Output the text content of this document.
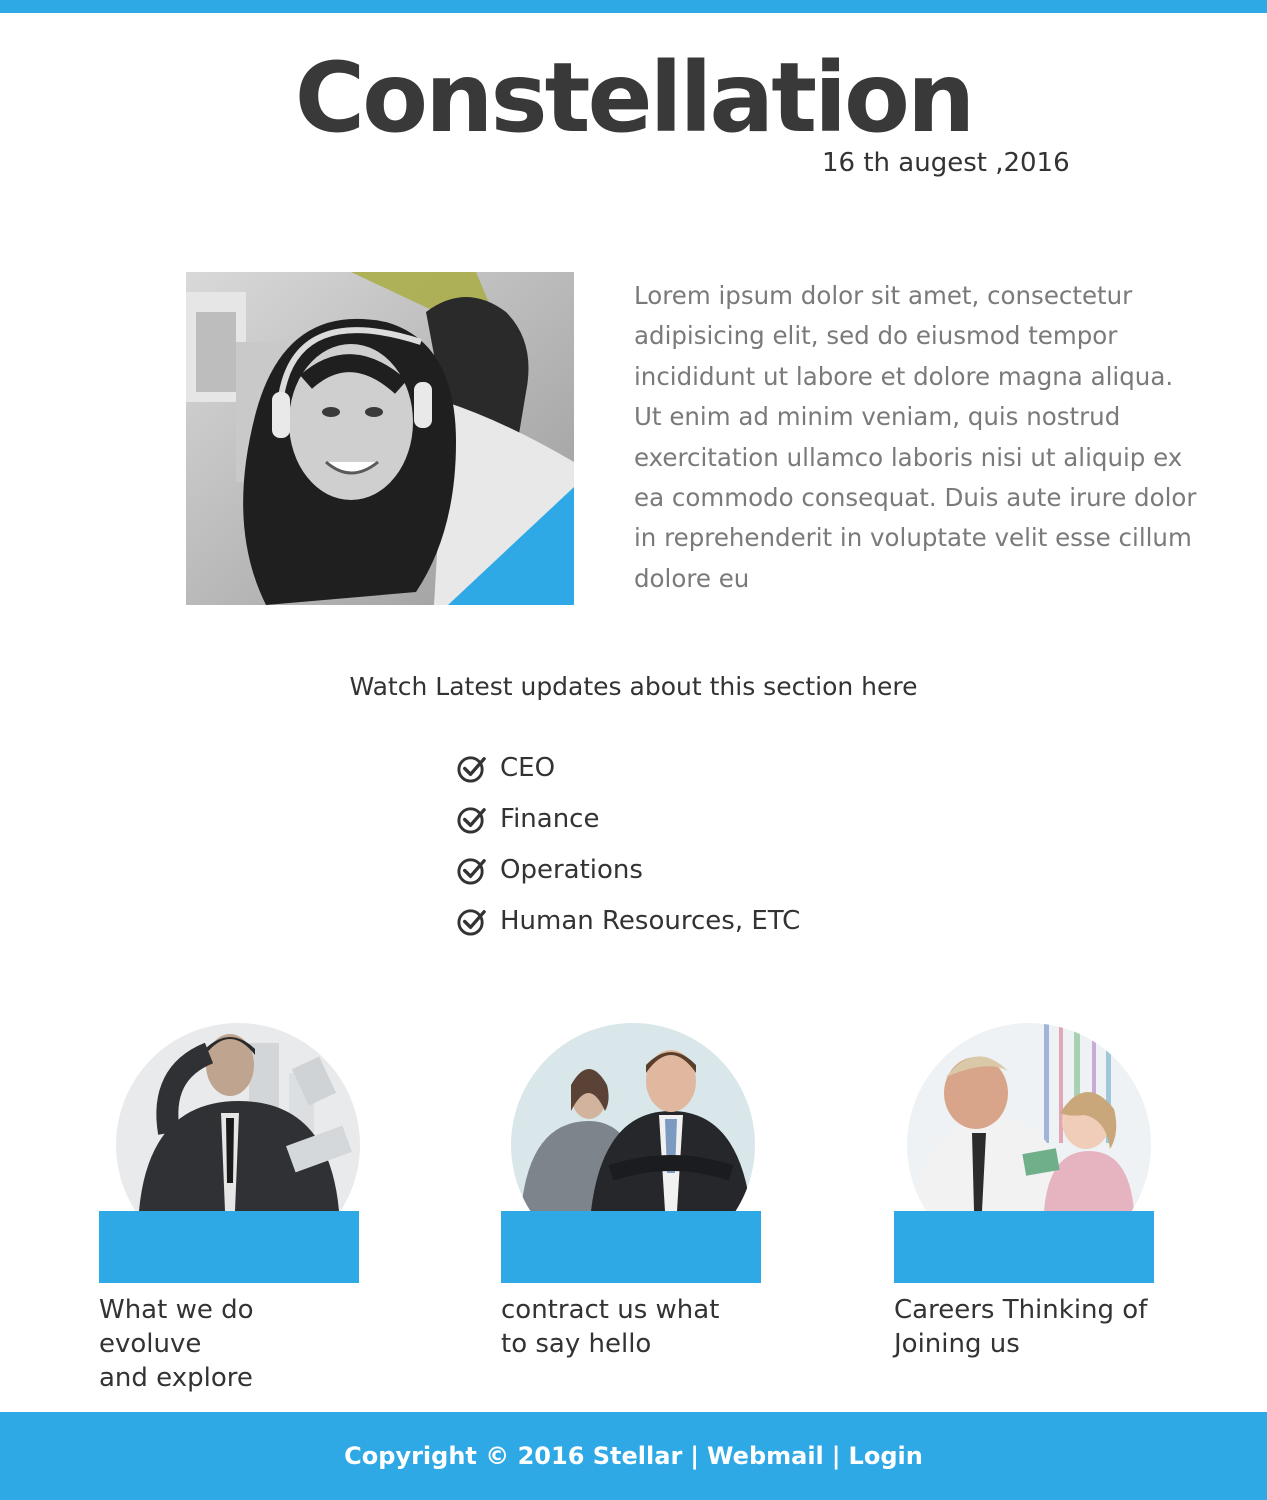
Constellation
16 th augest ,2016
Lorem ipsum dolor sit amet, consectetur adipisicing elit, sed do eiusmod tempor incididunt ut labore et dolore magna aliqua. Ut enim ad minim veniam, quis nostrud exercitation ullamco laboris nisi ut aliquip ex ea commodo consequat. Duis aute irure dolor in reprehenderit in voluptate velit esse cillum dolore eu
Watch Latest updates about this section here
CEO
Finance
Operations
Human Resources, ETC
What we do evoluve
and explore
contract us what
to say hello
Careers Thinking of
Joining us
Copyright © 2016 Stellar | Webmail | Login
